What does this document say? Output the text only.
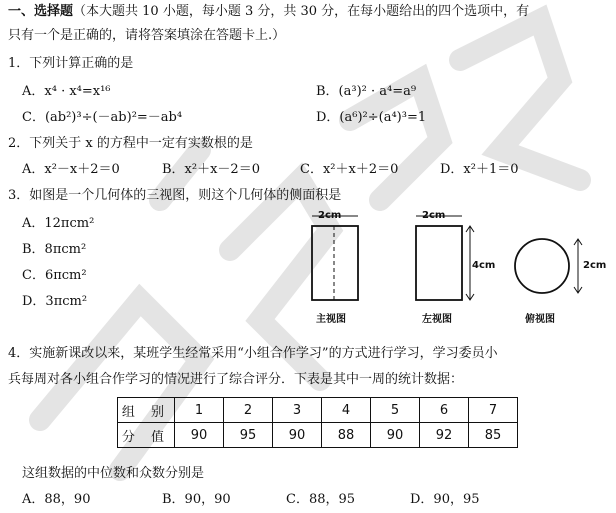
一、选择题（本大题共 10 小题，每小题 3 分，共 30 分，在每小题给出的四个选项中，有
只有一个是正确的，请将答案填涂在答题卡上.）
1．下列计算正确的是
A．x⁴ · x⁴=x¹⁶	B．(a³)² · a⁴=a⁹
C．(ab²)³÷(－ab)²=－ab⁴	D．(a⁶)²÷(a⁴)³=1
2．下列关于 x 的方程中一定有实数根的是
A．x²－x＋2＝0	B．x²＋x－2＝0	C．x²＋x＋2＝0	D．x²＋1＝0
3．如图是一个几何体的三视图，则这个几何体的侧面积是
A．12πcm²
B．8πcm²
C．6πcm²
D．3πcm²
2cm	2cm
4cm	2cm
主视图	左视图	俯视图
4．实施新课改以来，某班学生经常采用“小组合作学习”的方式进行学习，学习委员小
兵每周对各小组合作学习的情况进行了综合评分．下表是其中一周的统计数据：
组 别	1	2	3	4	5	6	7
分 值	90	95	90	88	90	92	85
这组数据的中位数和众数分别是
A．88，90	B．90，90	C．88，95	D．90，95
